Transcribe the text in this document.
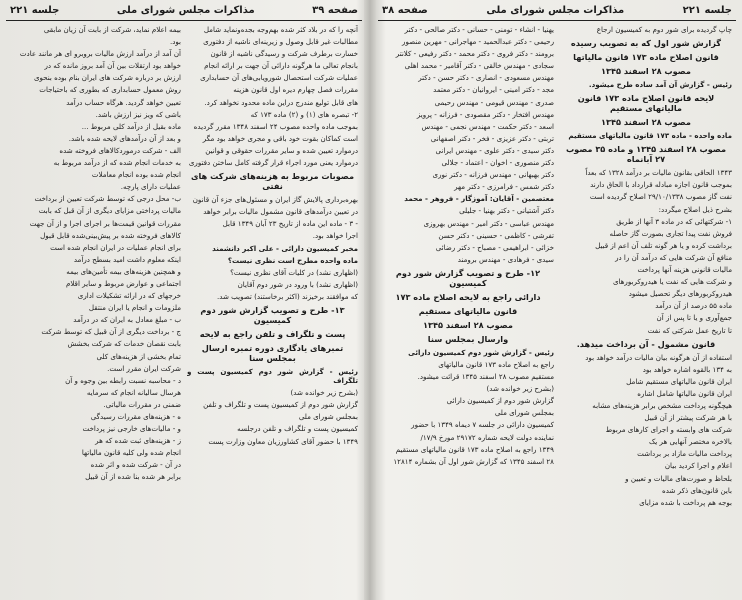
صفحه ۳۹
مذاکرات مجلس شورای ملی
جلسه ۲۲۱

آنچه را که در بلاد کثر شده بهم‌وجه بجده‌ونماید شامل

مطالبات غیر قابل وصول و زیرینه‌ای ناشیه از دفتوری

خسارت برطرف شرکت و رسیدگی ناشیه از قانون

بانجام تعالی ما هرگونه دارائی آن جهت بر ارائه انجام

عملیات شرکت استحصال شورویابی‌های آن حسابداری

مقررات فصل چهارم دیره اول قانون هزینه

های قابل تولیع مندرج دراین ماده محدود نخواهد کرد.

۲- تبصره های (۱) و (۲) ماده ۱۷۳ که

بموجب ماده واحده مصوب ۲۴ اسفند ۱۳۴۸ مقرر گردیده

است کماکان بقوت خود باقی و مجری خواهد بود مگر

درموارد تعیین شده و سایر مقررات حقوقی و قوانین

درموارد یعنی مورد اجراء قرار گرفته کامل ساختن دفتوری

مصوبات مربوط به هزینه‌های شرکت های نفتی

بهره‌برداری پالایش گاز ایران و مسئول‌های جزء آن قانون

در تعیین درآمدهای قانون مشمول مالیات برابر خواهد

- ۳ - ماده این ماده از تاریخ ۲۳ آبان ۱۳۴۹ قابل

اجرا خواهد بود.

مخبر کمیسیون دارائی - علی اکبر دانشمند

ماده واحده مطرح است نظری نیست؟

(اظهاری نشد) در کلیات آقای نظری نیست؟

(اظهاری نشد) با ورود در شور دوم آقایان

که موافقند برخیزند (اکثر برخاستند) تصویب شد.

۱۳- طرح و تصویب گزارش شور دوم کمیسیون

پست و تلگراف و تلفن راجع به لایحه

تمبرهای یادگاری دوره تمبره‌ ارسال بمجلس سنا

رئیس - گزارش شور دوم کمیسیون پست و تلگراف

(بشرح زیر خوانده شد)

گزارش شور دوم از کمیسیون پست و تلگراف و تلفن

بمجلس شورای ملی

کمیسیون پست و تلگراف و تلفن درجلسه

۱۳۴۹ با حضور آقای کشاورزیان معاون وزارت پست

بیمه اعلام نماید، شرکت از بابت آن زیان مابقی

بود.

آن آمد از درآمد ارزش مالیات بروبرو ای هر مانند عادت

خواهد بود ارتقلات بین آن آمد بروز مانده که در

ارزش بر درباره شرکت های ایران بنام بوده بنحوی

روش معمول حسابداری که بطوری که باحتیاجات

تعیین خواهد گردید. هرگاه حساب درآمد

باشی که ویز نیز ارزش باشد.

ماده بقیل از درآمد کلی مربوط ...

و بعد از آن درآمدهای لایحه شده باشد.

الف - شرکت درموردکالاهای فروخته شده

به خدمات انجام شده که از درآمد مربوط به

انجام شده بوده انجام معاملات

عملیات دارای پارچه.

ب- محل درجی که توسط شرکت تعیین از برداخت

مالیات پرداختی مزایای دیگری از آن قبل که بابت

مقررات قوانین قیمت‌ها بر اجرای اجرا و از آن جهت

کالاهای فروخته شده بر پیش‌بینی‌شده قابل قبول

برای انجام عملیات در ایران انجام شده است

اینکه معلوم داشت امید بسطح درآمد

و همچنین هزینه‌های بیمه تأمین‌های بیمه

اجتماعی و عوارض مربوط و سایر اقلام

خرجهای که در ارائه تشکیلات اداری

ملزومات و انجام یا ایران منتقل

ب - مبلغ معادل به ایران که در درآمد

ج - برداخت دیگری از آن قبیل که توسط شرکت

بابت نقصان خدمات که شرکت بخشش

تمام بخشی از هزینه‌های کلی

شرکت ایران مقرر است.

د - محاسبه نسبت رابطه بین وجوه و آن

هرسال سالیانه انجام که سرمایه

ضمنی در مقررات مالیاتی.

ه - هزینه‌های مقررات رسیدگی

و - مالیات‌های خارجی نیز پرداخت

ز - هزینه‌های ثبت شده که هر

انجام شده ولی کلیه قانون مالیاتها

در آن - شرکت شده و اثر شده

برابر هر شده بنا شده از آن قبیل

جلسه ۲۲۱
مذاکرات مجلس شورای ملی
صفحه ۳۸

چاپ گردیده برای شور دوم به کمیسیون ارجاع

گزارش شور اول که به تصویب رسیده

قانون اصلاح ماده ۱۷۳ قانون مالیاتها

مصوب ۲۸ اسفند ۱۳۴۵

رئیس - گزارش آن آمد ساده طرح میشود.

لایحه قانون اصلاح ماده ۱۷۳ قانون مالیاتهای مستقیم

مصوب ۲۸ اسفند ۱۳۴۵

ماده واحده - ماده ۱۷۳ قانون مالیاتهای مستقیم

مصوب ۲۸ اسفند ۱۳۴۵ و ماده ۳۵ مصوب ۲۷ آبانماه

۱۳۴۳ الحاقی بقانون مالیات بر درآمد ۱۳۲۸ که بعداً

بموجب قانون اجازه مبادله قرارداد با الحاق دارند

نفت گاز مصوب ۲۹/۱۰/۱۳۳۸ اصلاح گردیده است

بشرح ذیل اصلاح میگردد:

۱- شرکتهائی که در ماده ۳ آنها از طریق

فروش نفت پیدا تجاری بصورت گاز حاصله

برداشت کرده و یا هر گونه تلف آن اعم از قبیل

منافع آن شرکت هایی که درآمد آن را در

مالیات قانونی هزینه آنها پرداخت

و شرکت هایی که نفت یا هیدروکربورهای

هیدروکربورهای دیگر تحصیل میشود

ماده ۵۵ درصد از آن درآمد

جمع‌آوری و یا تا پس از آن

تا تاریخ عمل شرکتی که نفت

قانون مشمول - آن برداخت میدهد.

استفاده از آن هرگونه بیان مالیات درآمد خواهد بود

به ۱۳۴ بالقوه اشاره خواهد بود

ایران قانون مالیاتهای مستقیم شامل

ایران قانون مالیاتها شامل اشاره

هیچگونه پرداخت مشخص برابر هزینه‌های مشابه

با هر شرکت پیشتر از آن قبیل

شرکت های وابسته و اجرای کارهای مربوط

بالاخره مختصر آنهایی هر یک

پرداخت مالیات مازاد بر برداشت

اعلام و اجرا کردید بیان

بلحاظ و صورت‌های مالیات و تعیین و

باین قانون‌های ذکر شده

بوجه هم پرداخت با شده مزایای

یهنیا - انشاء - تومنی - حسانی - دکتر صالحی - دکتر

رحیمی - دکتر عبدالحمید - مهاجرانی - مهرین منصور

برومند - دکتر فروی - دکتر محمد - دکتر رفیعی - کلانتر

سجادی - مهندس خالقی - دکتر آقامیر - محمد اهلی

مهندس مسعودی - انصاری - دکتر حسن - دکتر

مجد - دکتر امینی - ایروانیان - دکتر معتمد

صدری - مهندس قیومی - مهندس رحیمی

مهندس افتخار - دکتر مقصودی - فرزانه - پرویز

اسعد - دکتر حکمت - مهندس نجمی - مهندس

تربتی - دکتر عزیزی - فخر - دکتر اصفهانی

دکتر سیدی - دکتر علوی - مهندس ایرانی

دکتر منصوری - اخوان - اعتماد - جلالی

دکتر بهبهانی - مهندس فرزانه - دکتر نوری

دکتر شمس - فرامرزی - دکتر مهر

معتصمین - آقایان: آموزگار - فروهر - محمد

دکتر آشتیانی - دکتر بهنیا - جلیلی

مهندس عباسی - دکتر امیر - مهندس بهروزی

تفرشی - کاظمی - حسینی - دکتر حسن

خزائی - ابراهیمی - مصباح - دکتر رضائی

سیدی - فرهادی - مهندس برومند

۱۲- طرح و تصویب گزارش شور دوم کمیسیون

دارائی راجع به لایحه اصلاح ماده ۱۷۳

قانون مالیاتهای مستقیم

مصوب ۲۸ اسفند ۱۳۴۵

وارسال بمجلس سنا

رئیس - گزارش شور دوم کمیسیون دارائی

راجع به اصلاح ماده ۱۷۳ قانون مالیاتهای

مستقیم مصوب ۲۸ اسفند ۱۳۴۵ قرائت میشود.

(بشرح زیر خوانده شد)

گزارش شور دوم از کمیسیون دارائی

بمجلس شورای ملی

کمیسیون دارائی در جلسه ۷ دیماه ۱۳۴۹ با حضور

نماینده دولت لایحه شماره ۲۹۱۷۲ مورخ ۱۷/۹/

۱۳۴۹ راجع به اصلاح ماده ۱۷۳ قانون مالیاتهای مستقیم

۲۸ اسفند ۱۳۴۵ که گزارش شور اول آن بشماره ۱۲۸۱۴
